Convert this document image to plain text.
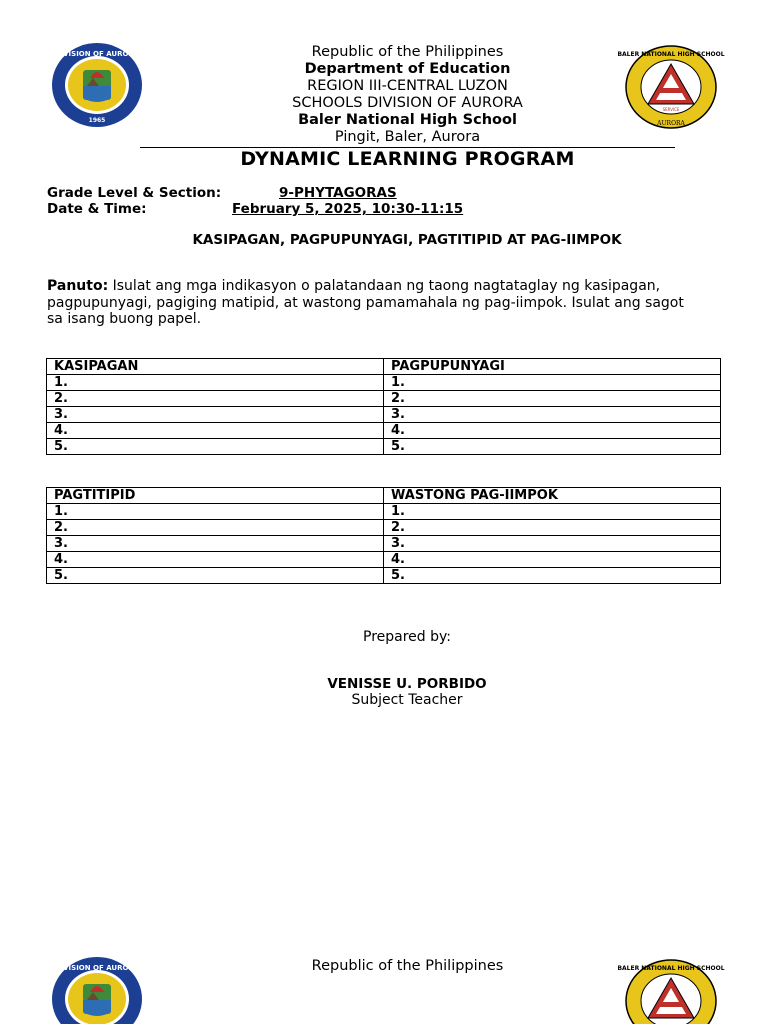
DIVISION OF AURORA
1965
BALER NATIONAL HIGH SCHOOL
AURORA
SERVICE
Republic of the Philippines
Department of Education
REGION III-CENTRAL LUZON
SCHOOLS DIVISION OF AURORA
Baler National High School
Pingit, Baler, Aurora
DYNAMIC LEARNING PROGRAM
Grade Level & Section:	9-PHYTAGORAS
Date & Time:	February 5, 2025, 10:30-11:15
KASIPAGAN, PAGPUPUNYAGI, PAGTITIPID AT PAG-IIMPOK
Panuto: Isulat ang mga indikasyon o palatandaan ng taong nagtataglay ng kasipagan, pagpupunyagi, pagiging matipid, at wastong pamamahala ng pag-iimpok. Isulat ang sagot sa isang buong papel.
KASIPAGAN	PAGPUPUNYAGI
1.	1.
2.	2.
3.	3.
4.	4.
5.	5.
PAGTITIPID	WASTONG PAG-IIMPOK
1.	1.
2.	2.
3.	3.
4.	4.
5.	5.
Prepared by:
VENISSE U. PORBIDO
Subject Teacher
DIVISION OF AURORA	BALER NATIONAL HIGH SCHOOL
Republic of the Philippines
